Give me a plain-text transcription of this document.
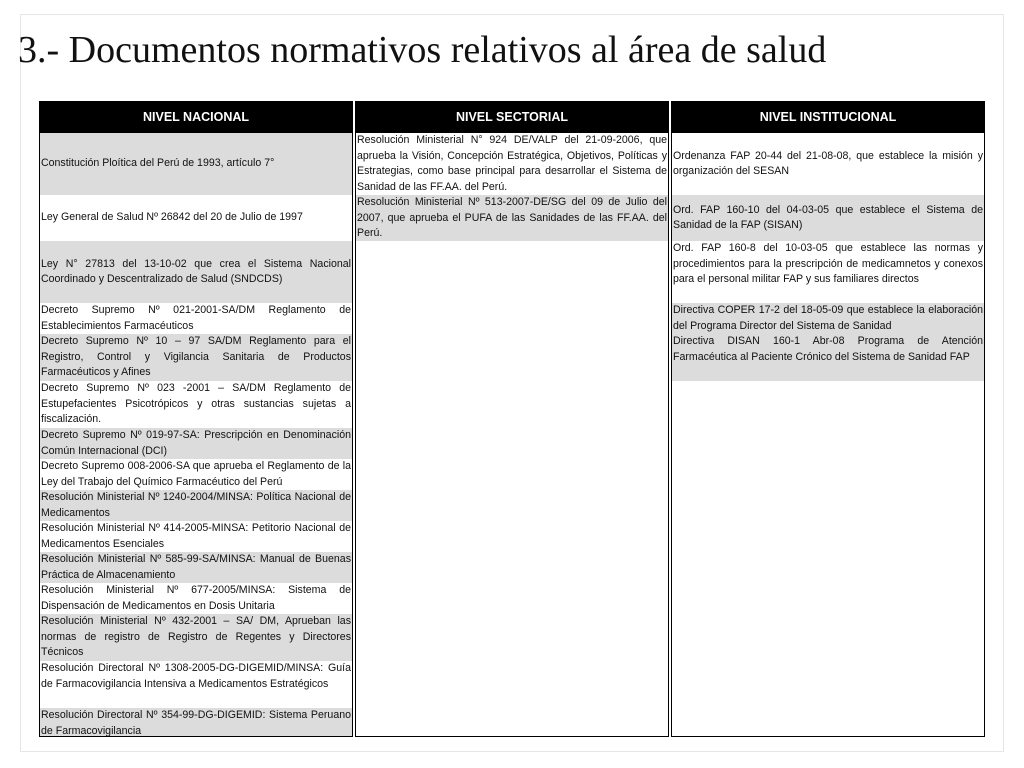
3.- Documentos normativos relativos al área de salud
NIVEL NACIONAL
Constitución Ploítica del Perú de 1993, artículo 7°
Ley General de Salud Nº 26842 del 20 de Julio de 1997
Ley N° 27813 del 13-10-02 que crea el Sistema Nacional Coordinado y Descentralizado de Salud (SNDCDS)
Decreto Supremo Nº 021-2001-SA/DM Reglamento de Establecimientos Farmacéuticos
Decreto Supremo Nº 10 – 97 SA/DM Reglamento para el Registro, Control y Vigilancia Sanitaria de Productos Farmacéuticos y Afines
Decreto Supremo Nº 023 -2001 – SA/DM Reglamento de Estupefacientes Psicotrópicos y otras sustancias sujetas a fiscalización.
Decreto Supremo Nº 019-97-SA: Prescripción en Denominación Común Internacional (DCI)
Decreto Supremo 008-2006-SA que aprueba el Reglamento de la Ley del Trabajo del Químico Farmacéutico del Perú
Resolución Ministerial Nº 1240-2004/MINSA: Política Nacional de Medicamentos
Resolución Ministerial Nº 414-2005-MINSA: Petitorio Nacional de Medicamentos Esenciales
Resolución Ministerial Nº 585-99-SA/MINSA: Manual de Buenas Práctica de Almacenamiento
Resolución Ministerial Nº 677-2005/MINSA: Sistema de Dispensación de Medicamentos en Dosis Unitaria
Resolución Ministerial Nº 432-2001 – SA/ DM, Aprueban las normas de registro de Registro de Regentes y Directores Técnicos
Resolución Directoral Nº 1308-2005-DG-DIGEMID/MINSA: Guía de Farmacovigilancia Intensiva a Medicamentos Estratégicos
Resolución Directoral Nº 354-99-DG-DIGEMID: Sistema Peruano de Farmacovigilancia
NIVEL SECTORIAL
Resolución Ministerial N° 924 DE/VALP del 21-09-2006, que aprueba la Visión, Concepción Estratégica, Objetivos, Políticas y Estrategias, como base principal para desarrollar el Sistema de Sanidad de las FF.AA. del Perú.
Resolución Ministerial Nº 513-2007-DE/SG del 09 de Julio del 2007, que aprueba el PUFA de las Sanidades de las FF.AA. del Perú.
NIVEL INSTITUCIONAL
Ordenanza FAP 20-44 del 21-08-08, que establece la misión y organización del SESAN
Ord. FAP 160-10 del 04-03-05 que establece el Sistema de Sanidad de la FAP (SISAN)
Ord. FAP 160-8 del 10-03-05 que establece las normas y procedimientos para la prescripción de medicamnetos y conexos para el personal militar FAP y sus familiares directos
Directiva COPER 17-2 del 18-05-09 que establece la elaboración del Programa Director del Sistema de Sanidad
Directiva DISAN 160-1 Abr-08 Programa de Atención Farmacéutica al Paciente Crónico del Sistema de Sanidad FAP
